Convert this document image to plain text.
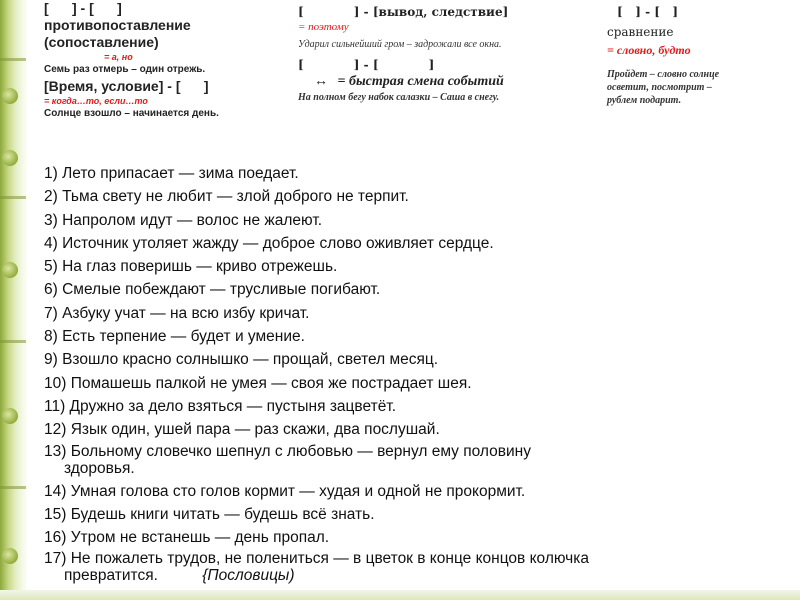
[      ] - [      ]
противопоставление
(сопоставление)
= а, но
Семь раз отмерь – один отрежь.
[Время, условие] - [      ]
= когда…то, если…то
Солнце взошло – начинается день.
[            ] - [вывод, следствие]
= поэтому
Ударил сильнейший гром – задрожали все окна.
[            ] - [            ]
↔ = быстрая смена событий
На полном бегу набок салазки – Саша в снегу.
[   ] - [   ]
сравнение
= словно, будто
Пройдет – словно солнце осветит, посмотрит – рублем подарит.
1) Лето припасает — зима поедает.
2) Тьма свету не любит — злой доброго не терпит.
3) Напролом идут — волос не жалеют.
4) Источник утоляет жажду — доброе слово оживляет сердце.
5) На глаз поверишь — криво отрежешь.
6) Смелые побеждают — трусливые погибают.
7) Азбуку учат — на всю избу кричат.
8) Есть терпение — будет и умение.
9) Взошло красно солнышко — прощай, светел месяц.
10) Помашешь палкой не умея — своя же пострадает шея.
11) Дружно за дело взяться — пустыня зацветёт.
12) Язык один, ушей пара — раз скажи, два послушай.
13) Больному словечко шепнул с любовью — вернул ему половину
здоровья.
14) Умная голова сто голов кормит — худая и одной не прокормит.
15) Будешь книги читать — будешь всё знать.
16) Утром не встанешь — день пропал.
17) Не пожалеть трудов, не полениться — в цветок в конце концов колючка
превратится.	{Пословицы)
